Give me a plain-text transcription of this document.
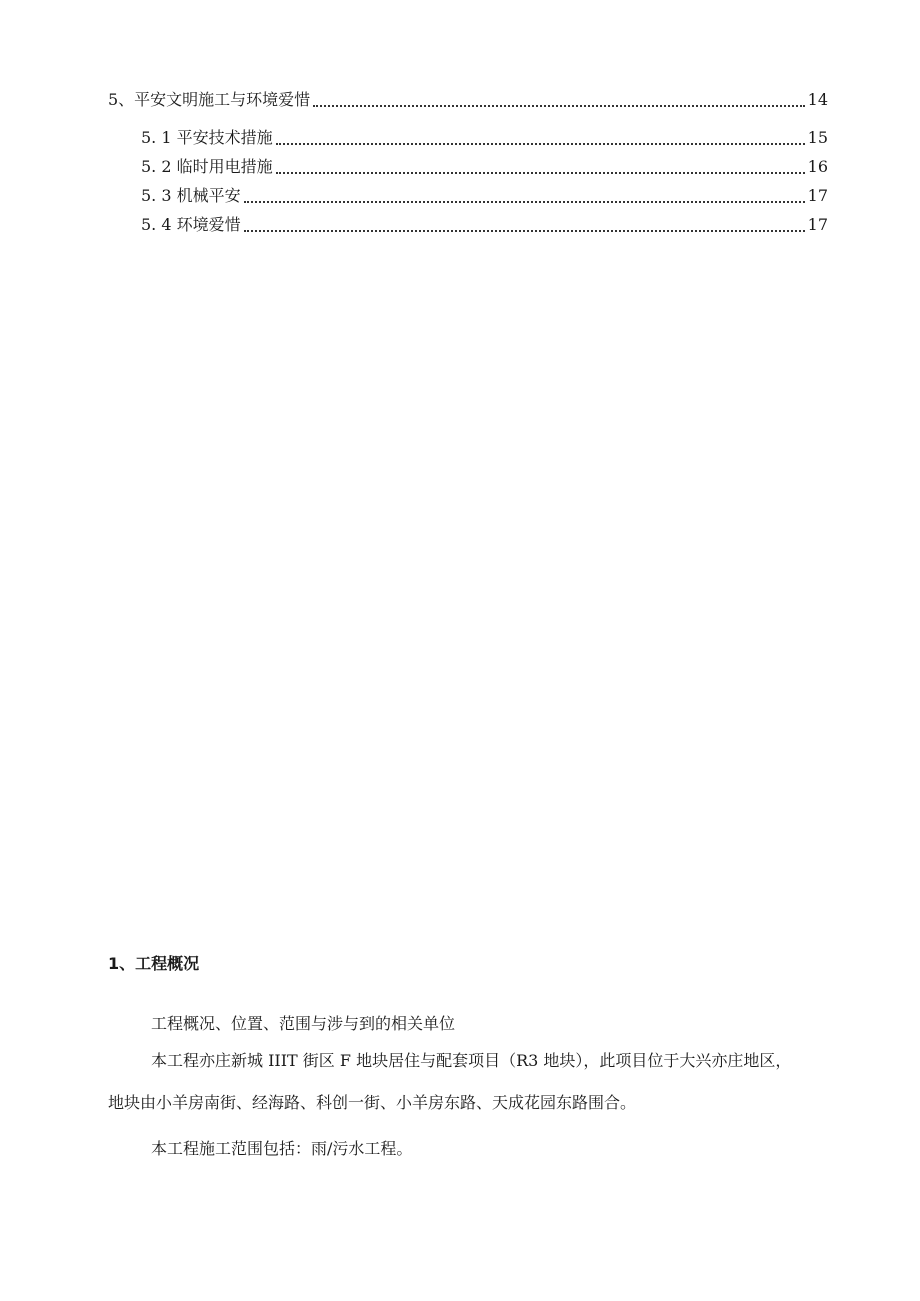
5、平安文明施工与环境爱惜	14
5. 1 平安技术措施	15
5. 2 临时用电措施	16
5. 3 机械平安	17
5. 4 环境爱惜	17
1、工程概况
工程概况、位置、范围与涉与到的相关单位
本工程亦庄新城 IIIT 街区 F 地块居住与配套项目（R3 地块），此项目位于大兴亦庄地区，
地块由小羊房南街、经海路、科创一街、小羊房东路、天成花园东路围合。
本工程施工范围包括：雨/污水工程。
